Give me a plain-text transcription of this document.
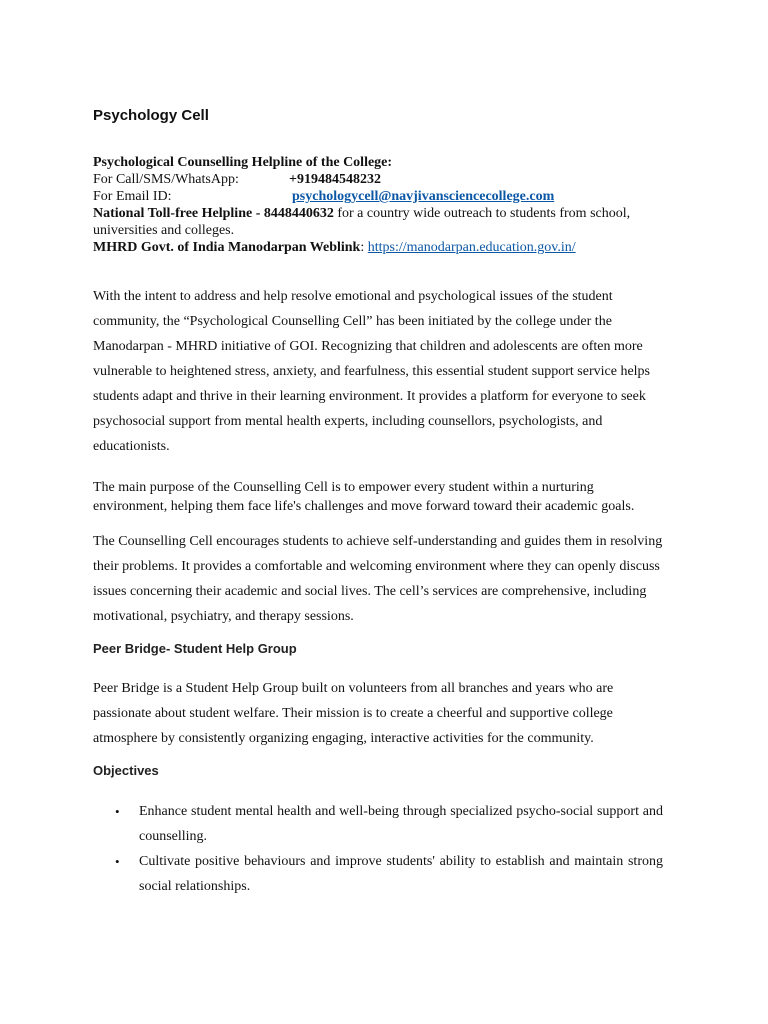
Psychology Cell
Psychological Counselling Helpline of the College:
For Call/SMS/WhatsApp:	+919484548232
For Email ID:	psychologycell@navjivansciencecollege.com
National Toll-free Helpline - 8448440632 for a country wide outreach to students from school, universities and colleges.
MHRD Govt. of India Manodarpan Weblink: https://manodarpan.education.gov.in/
With the intent to address and help resolve emotional and psychological issues of the student community, the “Psychological Counselling Cell” has been initiated by the college under the Manodarpan - MHRD initiative of GOI. Recognizing that children and adolescents are often more vulnerable to heightened stress, anxiety, and fearfulness, this essential student support service helps students adapt and thrive in their learning environment. It provides a platform for everyone to seek psychosocial support from mental health experts, including counsellors, psychologists, and educationists.
The main purpose of the Counselling Cell is to empower every student within a nurturing environment, helping them face life's challenges and move forward toward their academic goals.
The Counselling Cell encourages students to achieve self-understanding and guides them in resolving their problems. It provides a comfortable and welcoming environment where they can openly discuss issues concerning their academic and social lives. The cell’s services are comprehensive, including motivational, psychiatry, and therapy sessions.
Peer Bridge- Student Help Group
Peer Bridge is a Student Help Group built on volunteers from all branches and years who are passionate about student welfare. Their mission is to create a cheerful and supportive college atmosphere by consistently organizing engaging, interactive activities for the community.
Objectives
• Enhance student mental health and well-being through specialized psycho-social support and counselling.
• Cultivate positive behaviours and improve students' ability to establish and maintain strong social relationships.
